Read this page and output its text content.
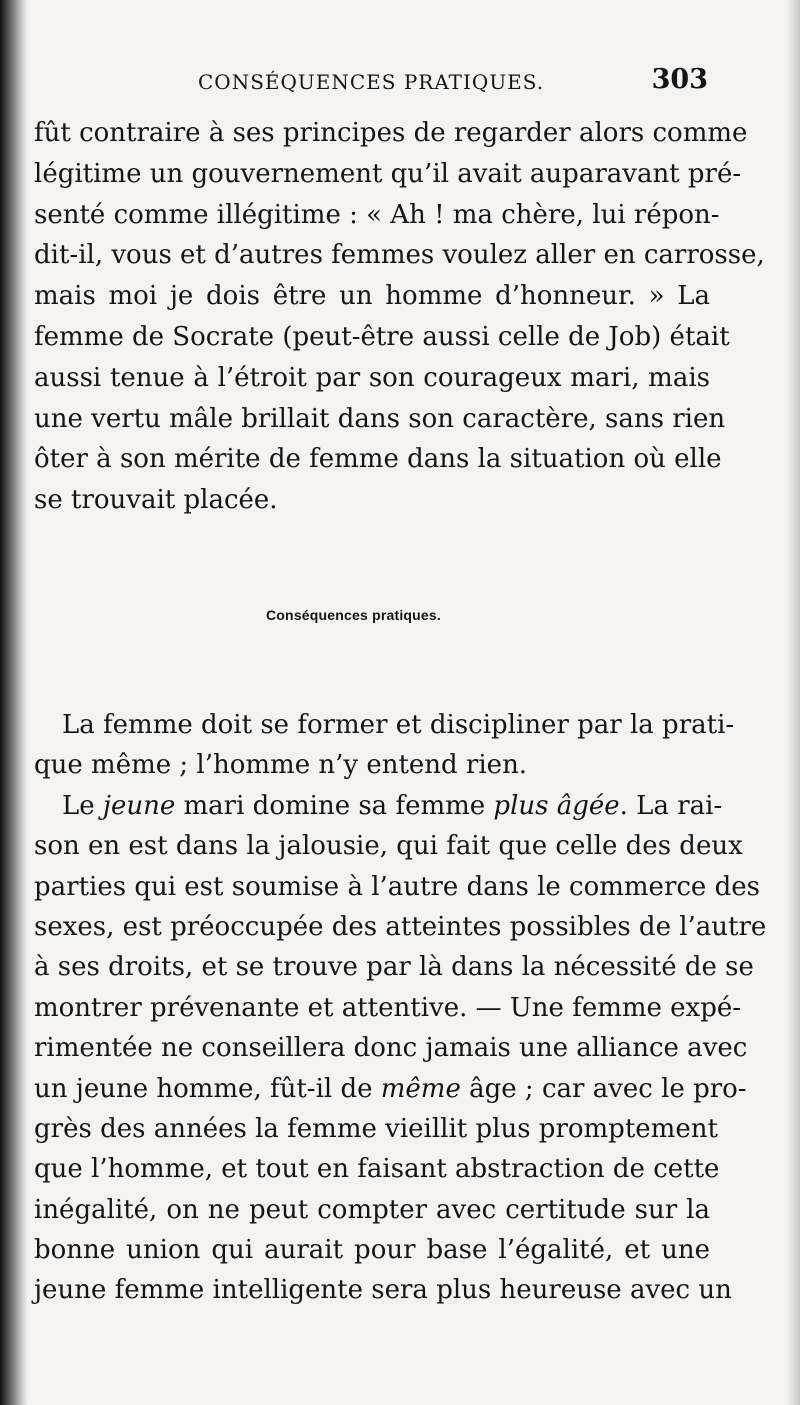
CONSÉQUENCES PRATIQUES.	303
fût contraire à ses principes de regarder alors comme
légitime un gouvernement qu’il avait auparavant pré-
senté comme illégitime : « Ah ! ma chère, lui répon-
dit-il, vous et d’autres femmes voulez aller en carrosse,
mais moi je dois être un homme d’honneur. » La
femme de Socrate (peut-être aussi celle de Job) était
aussi tenue à l’étroit par son courageux mari, mais
une vertu mâle brillait dans son caractère, sans rien
ôter à son mérite de femme dans la situation où elle
se trouvait placée.
Conséquences pratiques.
La femme doit se former et discipliner par la prati-
que même ; l’homme n’y entend rien.
Le jeune mari domine sa femme plus âgée. La rai-
son en est dans la jalousie, qui fait que celle des deux
parties qui est soumise à l’autre dans le commerce des
sexes, est préoccupée des atteintes possibles de l’autre
à ses droits, et se trouve par là dans la nécessité de se
montrer prévenante et attentive. — Une femme expé-
rimentée ne conseillera donc jamais une alliance avec
un jeune homme, fût-il de même âge ; car avec le pro-
grès des années la femme vieillit plus promptement
que l’homme, et tout en faisant abstraction de cette
inégalité, on ne peut compter avec certitude sur la
bonne union qui aurait pour base l’égalité, et une
jeune femme intelligente sera plus heureuse avec un
